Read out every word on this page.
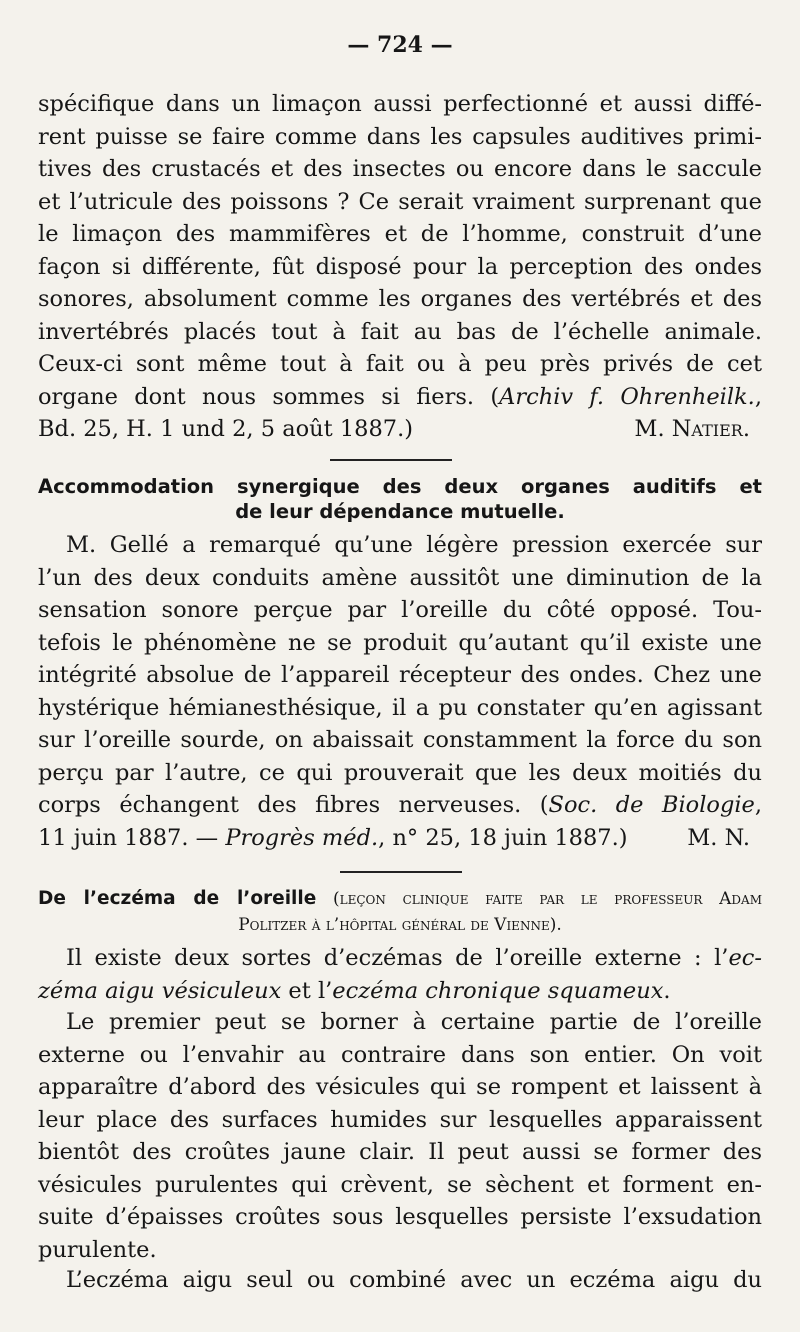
— 724 —
spécifique dans un limaçon aussi perfectionné et aussi diffé-
rent puisse se faire comme dans les capsules auditives primi-
tives des crustacés et des insectes ou encore dans le saccule
et l’utricule des poissons ? Ce serait vraiment surprenant que
le limaçon des mammifères et de l’homme, construit d’une
façon si différente, fût disposé pour la perception des ondes
sonores, absolument comme les organes des vertébrés et des
invertébrés placés tout à fait au bas de l’échelle animale.
Ceux-ci sont même tout à fait ou à peu près privés de cet
organe dont nous sommes si fiers. (Archiv f. Ohrenheilk.,
Bd. 25, H. 1 und 2, 5 août 1887.)	M. Natier.
Accommodation synergique des deux organes auditifs et
de leur dépendance mutuelle.
M. Gellé a remarqué qu’une légère pression exercée sur
l’un des deux conduits amène aussitôt une diminution de la
sensation sonore perçue par l’oreille du côté opposé. Tou-
tefois le phénomène ne se produit qu’autant qu’il existe une
intégrité absolue de l’appareil récepteur des ondes. Chez une
hystérique hémianesthésique, il a pu constater qu’en agissant
sur l’oreille sourde, on abaissait constamment la force du son
perçu par l’autre, ce qui prouverait que les deux moitiés du
corps échangent des fibres nerveuses. (Soc. de Biologie,
11 juin 1887. — Progrès méd., n° 25, 18 juin 1887.)	M. N.
De l’eczéma de l’oreille (leçon clinique faite par le professeur Adam
Politzer à l’hôpital général de Vienne).
Il existe deux sortes d’eczémas de l’oreille externe : l’ec-
zéma aigu vésiculeux et l’eczéma chronique squameux.
Le premier peut se borner à certaine partie de l’oreille
externe ou l’envahir au contraire dans son entier. On voit
apparaître d’abord des vésicules qui se rompent et laissent à
leur place des surfaces humides sur lesquelles apparaissent
bientôt des croûtes jaune clair. Il peut aussi se former des
vésicules purulentes qui crèvent, se sèchent et forment en-
suite d’épaisses croûtes sous lesquelles persiste l’exsudation
purulente.
L’eczéma aigu seul ou combiné avec un eczéma aigu du
